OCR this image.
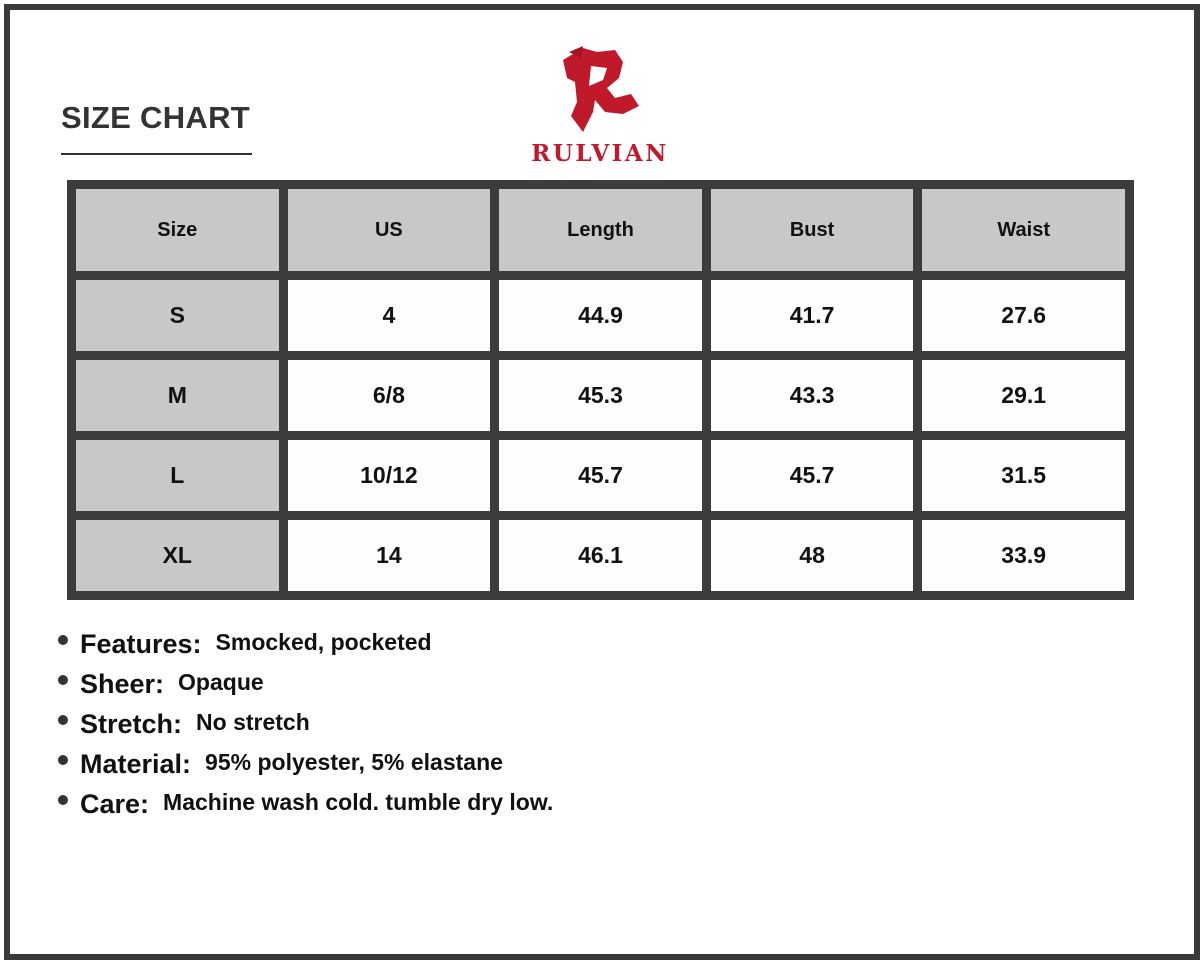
SIZE CHART
RULVIAN
Size	US	Length	Bust	Waist
S	4	44.9	41.7	27.6
M	6/8	45.3	43.3	29.1
L	10/12	45.7	45.7	31.5
XL	14	46.1	48	33.9
Features: Smocked, pocketed
Sheer: Opaque
Stretch: No stretch
Material: 95% polyester, 5% elastane
Care: Machine wash cold. tumble dry low.
